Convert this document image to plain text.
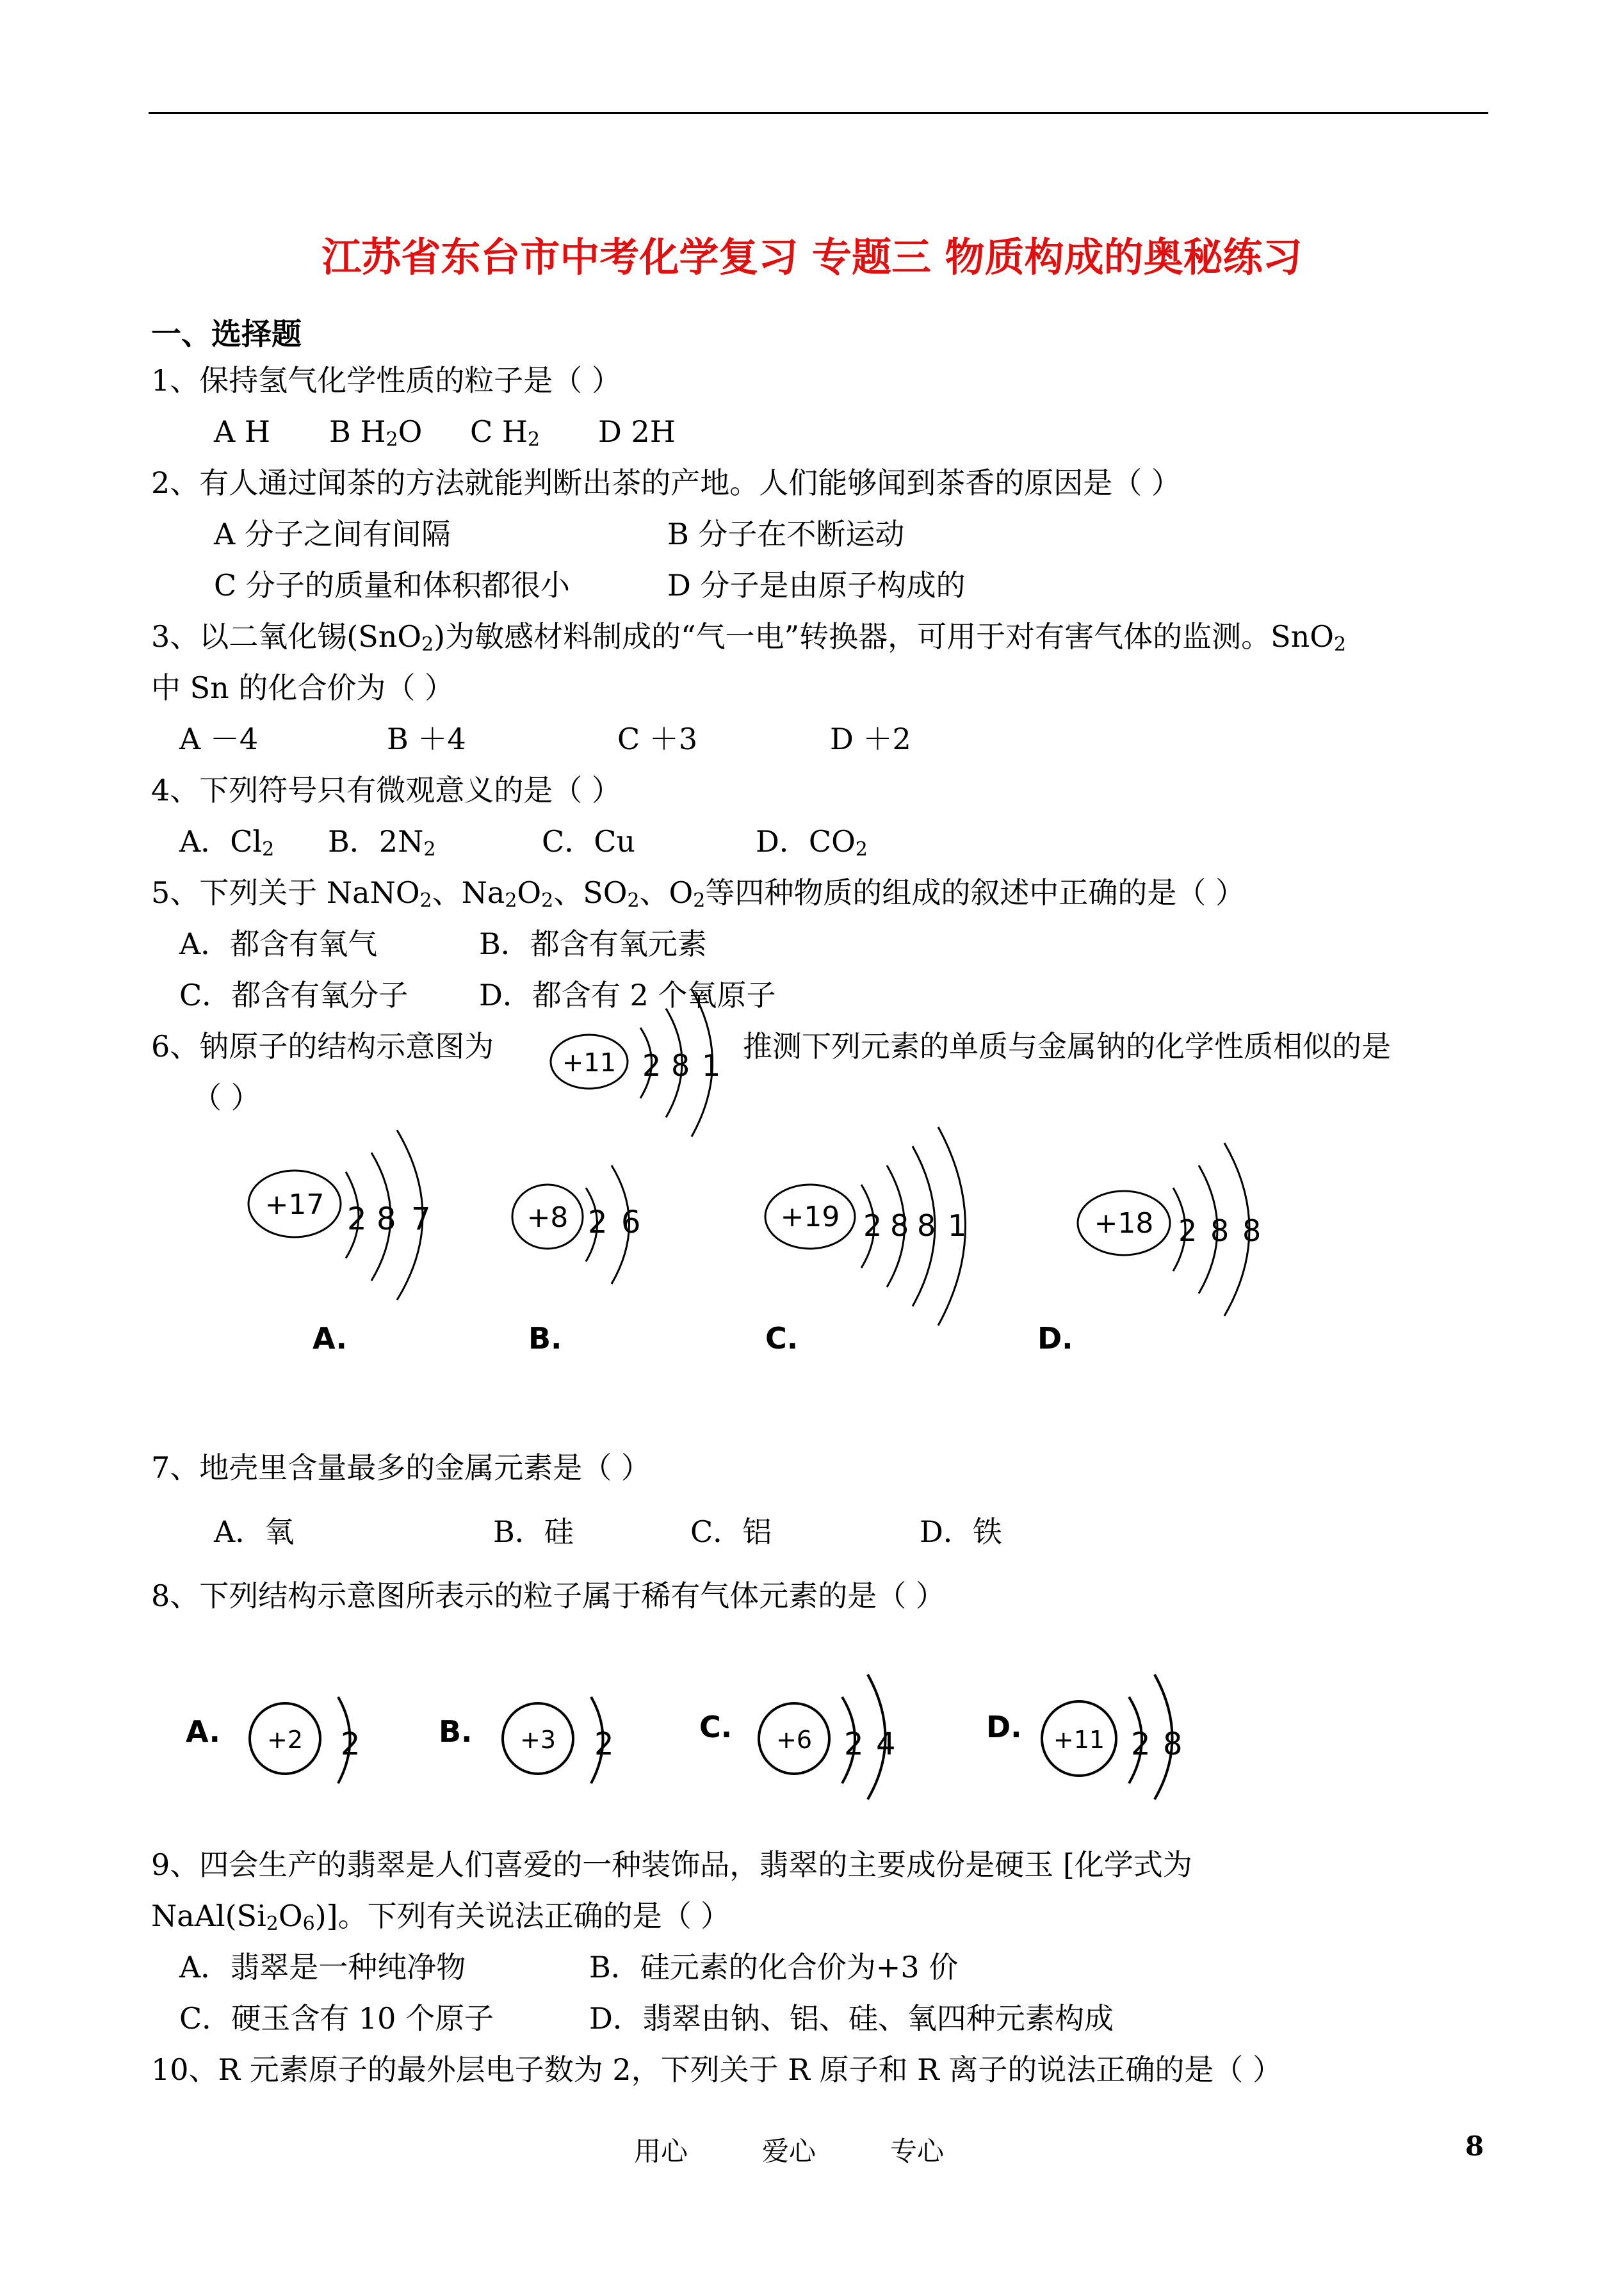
江苏省东台市中考化学复习 专题三 物质构成的奥秘练习
一、选择题
1、保持氢气化学性质的粒子是（ ）
A H B $H_2O$ C $H_2$ D 2H
2、有人通过闻茶的方法就能判断出茶的产地。人们能够闻到茶香的原因是（ ）
A 分子之间有间隔	B 分子在不断运动
C 分子的质量和体积都很小	D 分子是由原子构成的
3、以二氧化锡(SnO$_2$)为敏感材料制成的“气一电”转换器，可用于对有害气体的监测。SnO$_2$
中 Sn 的化合价为（ ）
A －4	B ＋4	C ＋3	D ＋2
4、下列符号只有微观意义的是（ ）
A．$Cl_2$ B．$2N_2$	C．Cu	D．$CO_2$
5、下列关于 NaNO$_2$、$Na_2O_2$、$SO_2$、$O_2$等四种物质的组成的叙述中正确的是（ ）
A．都含有氧气	B．都含有氧元素
C．都含有氧分子 D．都含有 2 个氧原子
6、钠原子的结构示意图为	推测下列元素的单质与金属钠的化学性质相似的是
（ ）
+11 2 8 1
+17 2 8 7
A.
+8 2 6
B.
+19 2 8 8 1
C.
+18 2 8 8
D.
7、地壳里含量最多的金属元素是（ ）
A．氧	B．硅	C．铝	D．铁
8、下列结构示意图所表示的粒子属于稀有气体元素的是（ ）
A. +2 2	B. +3 2	C. +6 2 4	D. +11 2 8
9、四会生产的翡翠是人们喜爱的一种装饰品，翡翠的主要成份是硬玉 [化学式为
$NaAl(Si_2O_6)$]。下列有关说法正确的是（ ）
A．翡翠是一种纯净物	B．硅元素的化合价为+3 价
C．硬玉含有 10 个原子	D．翡翠由钠、铝、硅、氧四种元素构成
10、R 元素原子的最外层电子数为 2，下列关于 R 原子和 R 离子的说法正确的是（ ）
用心	爱心	专心	8
